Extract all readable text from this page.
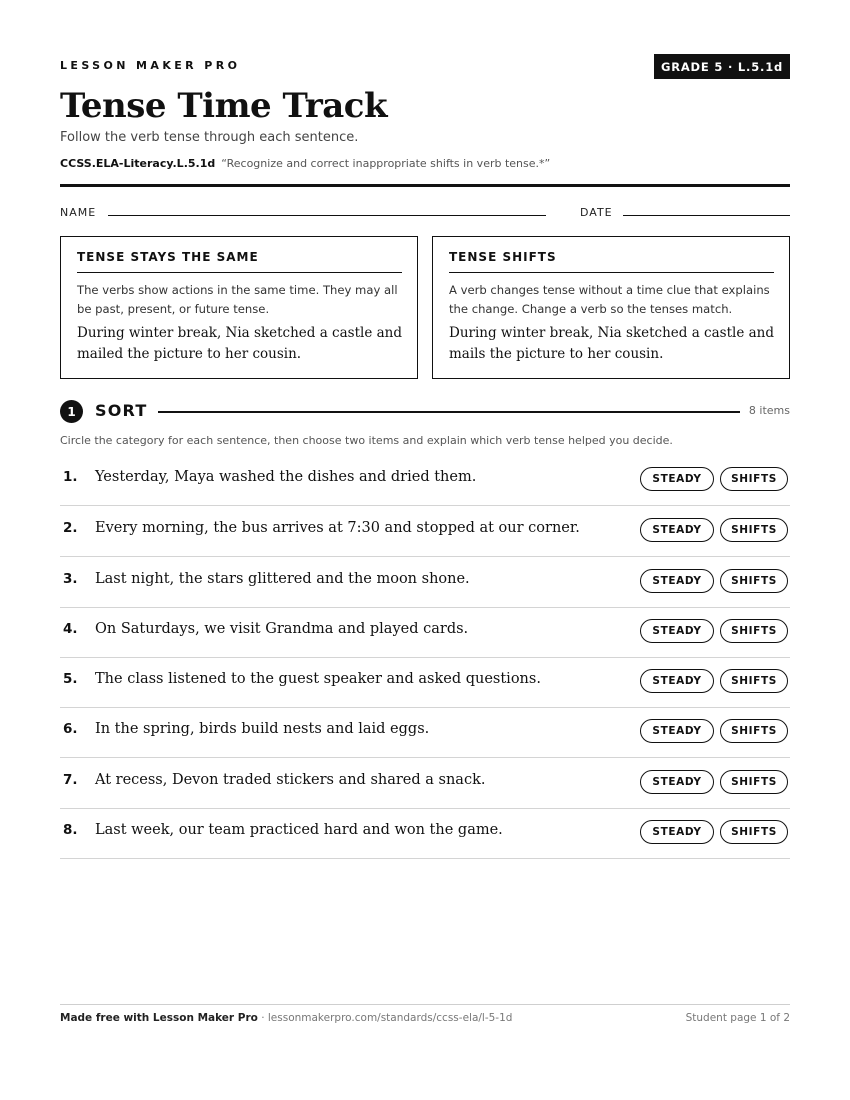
LESSON MAKER PRO	GRADE 5 · L.5.1d
Tense Time Track
Follow the verb tense through each sentence.
CCSS.ELA-Literacy.L.5.1d “Recognize and correct inappropriate shifts in verb tense.*”
NAME	DATE
TENSE STAYS THE SAME
The verbs show actions in the same time. They may all be past, present, or future tense.
During winter break, Nia sketched a castle and mailed the picture to her cousin.
TENSE SHIFTS
A verb changes tense without a time clue that explains the change. Change a verb so the tenses match.
During winter break, Nia sketched a castle and mails the picture to her cousin.
1	SORT	8 items
Circle the category for each sentence, then choose two items and explain which verb tense helped you decide.
1. Yesterday, Maya washed the dishes and dried them.	STEADY	SHIFTS
2. Every morning, the bus arrives at 7:30 and stopped at our corner.	STEADY	SHIFTS
3. Last night, the stars glittered and the moon shone.	STEADY	SHIFTS
4. On Saturdays, we visit Grandma and played cards.	STEADY	SHIFTS
5. The class listened to the guest speaker and asked questions.	STEADY	SHIFTS
6. In the spring, birds build nests and laid eggs.	STEADY	SHIFTS
7. At recess, Devon traded stickers and shared a snack.	STEADY	SHIFTS
8. Last week, our team practiced hard and won the game.	STEADY	SHIFTS
Made free with Lesson Maker Pro · lessonmakerpro.com/standards/ccss-ela/l-5-1d	Student page 1 of 2
